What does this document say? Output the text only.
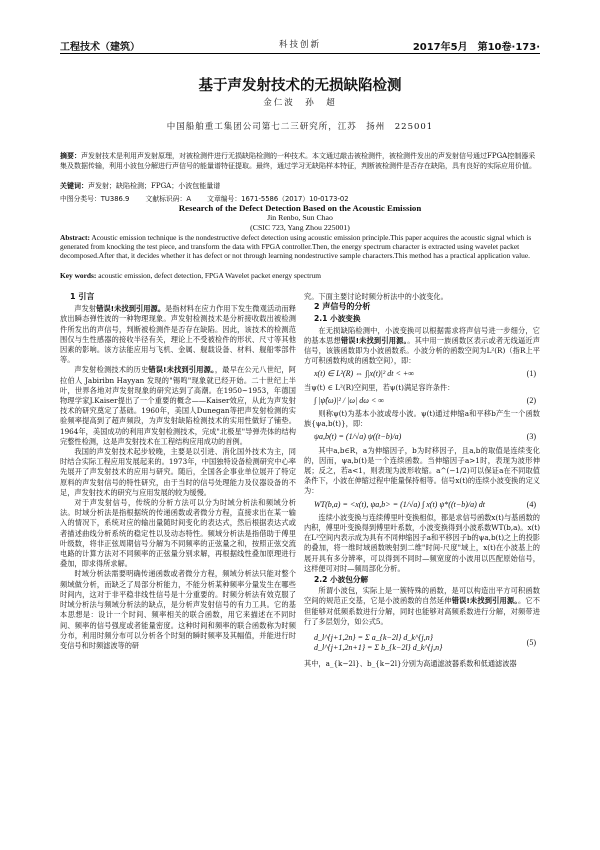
工程技术（建筑）	科技创新	2017年5月　第10卷·173·
基于声发射技术的无损缺陷检测
金仁波　孙　超
中国船舶重工集团公司第七二三研究所，江苏　扬州　225001
摘要：声发射技术是利用声发射原理，对被检测件进行无损缺陷检测的一种技术。本文通过敲击被检测件，被检测件发出的声发射信号通过FPGA控制器采集及数据传输，利用小波包分解进行声信号的能量谱特征提取。最终，通过学习无缺陷样本特征，判断被检测件是否存在缺陷，具有良好的实际应用价值。
关键词：声发射；缺陷检测；FPGA；小波包能量谱
中图分类号：TU386.9 文献标识码：A 文章编号：1671-5586（2017）10-0173-02
Research of the Defect Detection Based on the Acoustic Emission
Jin Renbo, Sun Chao
(CSIC 723, Yang Zhou 225001)
Abstract: Acoustic emission technique is the nondestructive defect detection using acoustic emission principle.This paper acquires the acoustic signal which is generated from knocking the test piece, and transform the data with FPGA controller.Then, the energy spectrum character is extracted using wavelet packet decomposed.After that, it decides whether it has defect or not through learning nondestructive sample characters.This method has a practical application value.
Key words: acoustic emission, defect detection, FPGA Wavelet packet energy spectrum
1 引言

声发射错误!未找到引用源。是指材料在应力作用下发生微观活动而释放出瞬态弹性波的一种物理现象。声发射检测技术是分析接收载出被检测件所发出的声信号，判断被检测件是否存在缺陷。因此，该技术的检测范围仅与生性感器的接收半径有关，理论上不受被检件的形状、尺寸等其他因素的影响。该方法能应用与飞机、金属、舰载设备、材料、舰船零部件等。

声发射检测技术的历史错误!未找到引用源。，最早在公元八世纪，阿拉伯人 Jabiribn Hayyan 发现的"锡鸣"现象就已经开始。二十世纪上半叶，世界各地对声发射现象的研究达到了高潮。在1950~1953，年德国物理学家J.Kaiser提出了一个重要的概念——Kaiser效应，从此为声发射技术的研究奠定了基础。1960年，美国人Dunegan等把声发射检测的实验频率提高到了超声频段，为声发射缺陷检测技术的实用性做好了铺垫。1964年，美国成功的利用声发射检测技术，完成"北极星"导弹壳体的结构完整性检测，这是声发射技术在工程结构应用成功的首例。

我国的声发射技术起步较晚，主要是以引进、消化国外技术为主，同时结合实际工程应用发展起来的。1973年，中国独特设备检测研究中心率先展开了声发射技术的应用与研究。随后，全国各企事业单位展开了特定原料的声发射信号的特性研究，由于当时的信号处理能力及仪器设备的不足，声发射技术的研究与应用发展的较为缓慢。

对于声发射信号，传统的分析方法可以分为时域分析法和频域分析法。时域分析法是指根据统的传递函数或者微分方程，直接求出在某一输入的情况下，系统对应的输出量随时间变化的表达式，然后根据表达式或者描述曲线分析系统的稳定性以及动态特性。频域分析法是指借助于傅里叶级数，将非正弦周期信号分解为不同频率的正弦量之和，按照正弦交流电路的计算方法对不同频率的正弦量分别求解，再根据线性叠加原理进行叠加，即求得所求解。

时域分析法需要明确传递函数或者微分方程，频域分析法只能对整个频域做分析，而缺乏了局部分析能力，不能分析某种频率分量发生在哪些时间内，这对于非平稳非线性信号是十分重要的。时频分析法有效克服了时域分析法与频域分析法的缺点，是分析声发射信号的有力工具。它的基本思想是：设计一个时间、频率相关的联合函数，用它来描述在不同时间、频率的信号强度或者能量密度。这种时间和频率的联合函数称为时频分布，利用时频分布可以分析各个时刻的瞬时频率及其幅值，并能进行时变信号和时频滤波等的研

究。下面主要讨论时频分析法中的小波变化。

2 声信号的分析
2.1 小波变换

在无损缺陷检测中，小波变换可以根据需求将声信号进一步细分，它的基本思想错误!未找到引用源。。其中用一族函数区表示或者无线逼近声信号，该簇函数即为小波函数系。小波分析的函数空间为L²(R)（指R上平方可积函数构成的函数空间），即：

x(t) ∈ L²(R) ⇔ ∫|x(t)|² dt < +∞	(1)

当ψ(t) ∈ L²(R)空间里，若ψ(t)满足容许条件：

∫ |ψ̂(ω)|² / |ω| dω < ∞	(2)

则称ψ(t)为基本小波或母小波。ψ(t)通过伸缩a和平移b产生一个函数族{ψa,b(t)}，即：

ψa,b(t) = (1/√a) ψ((t−b)/a)	(3)

其中a,b∈R，a为伸缩因子，b为时移因子，且a,b的取值是连续变化的，因而，ψa,b(t)是一个连续函数。当伸缩因子a>1时，表现为波形伸展；反之，若a<1，则表现为波形收缩。a^(−1/2)可以保证a在不同取值条件下，小波在伸缩过程中能量保持相等。信号x(t)的连续小波变换的定义为：

WT(b,a) = <x(t), ψa,b> = (1/√a) ∫ x(t) ψ*((t−b)/a) dt	(4)

连续小波变换与连续傅里叶变换相似，都是求信号函数x(t)与基函数的内积，傅里叶变换得到傅里叶系数，小波变换得到小波系数WT(b,a)。x(t)在L²空间内表示成为具有不同伸缩因子a和平移因子b的ψa,b(t)之上的投影的叠加，将一维时域函数映射到二维"时间-尺度"域上，x(t)在小波基上的展开具有多分辨率，可以得到不同时—频宽度的小波用以匹配原始信号，这样便可对时—频局部化分析。

2.2 小波包分解

所谓小波包，实际上是一簇特殊的函数，是可以构造出平方可积函数空间的规范正交基，它是小波函数的自然延伸错误!未找到引用源。。它不但能够对低频系数进行分解，同时也能够对高频系数进行分解，对频带进行了多层划分，如公式5。

d_l^{j+1,2n} = Σ a_{k−2l} d_k^{j,n}
d_l^{j+1,2n+1} = Σ b_{k−2l} d_k^{j,n}
(5)

其中，a_{k−2l}、b_{k−2l}分别为高通滤波器系数和低通滤波器
